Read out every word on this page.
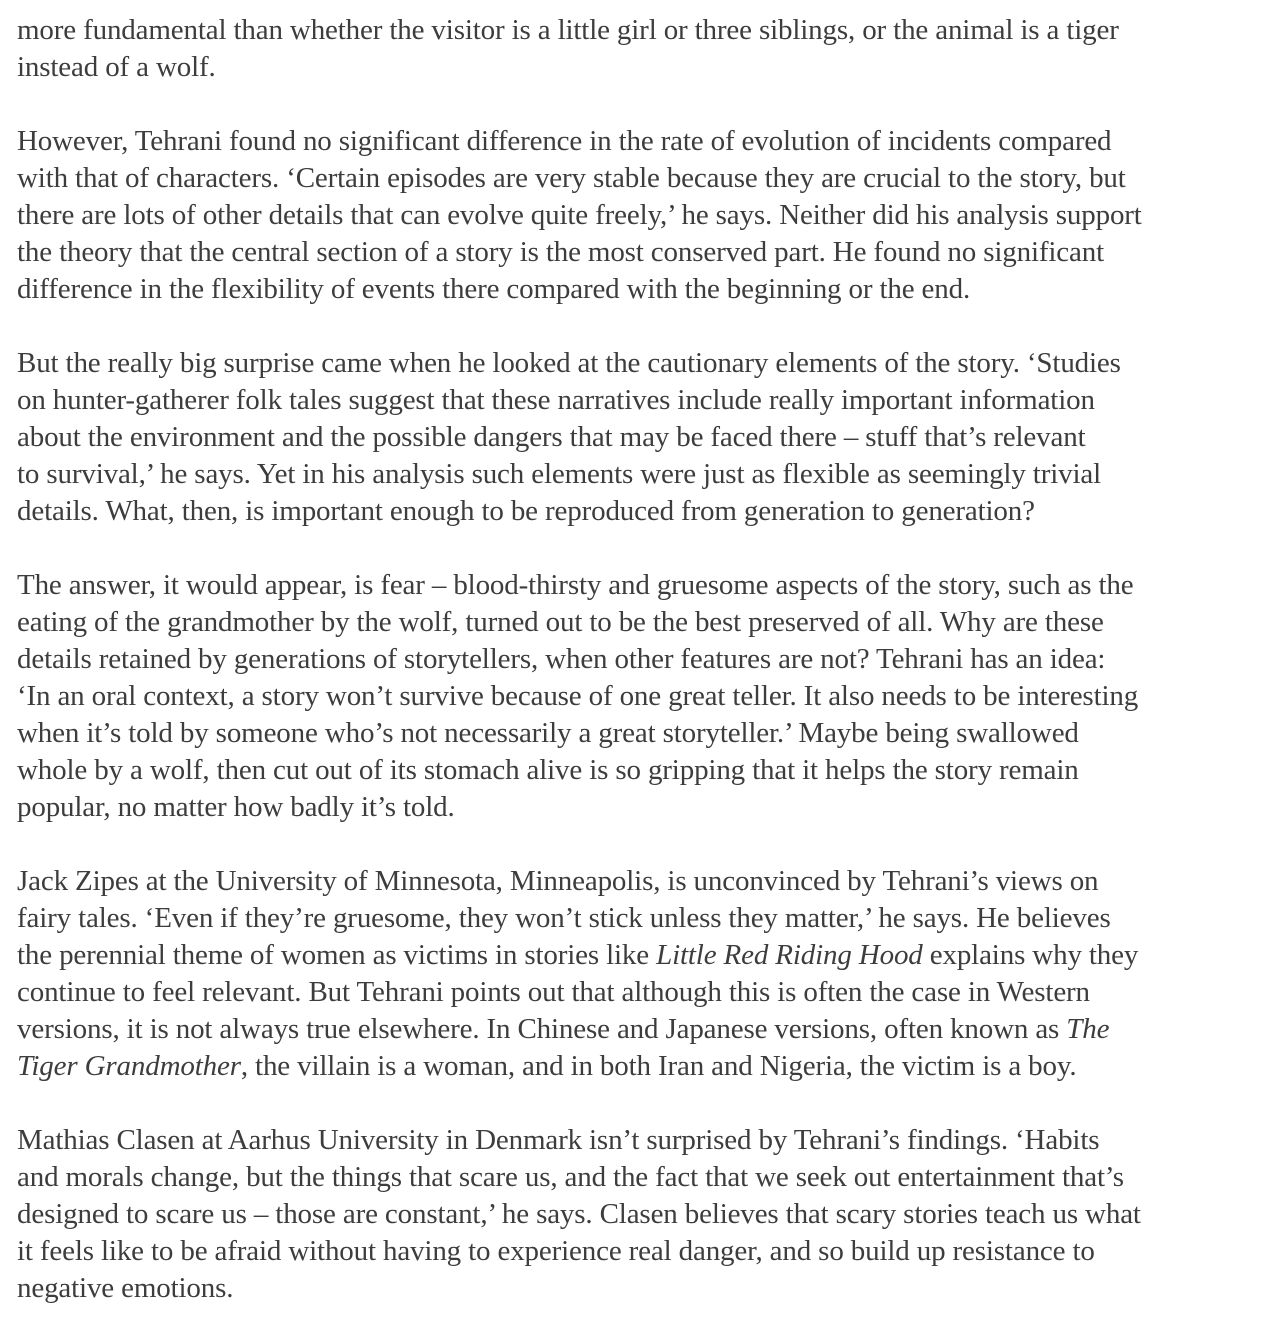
more fundamental than whether the visitor is a little girl or three siblings, or the animal is a tiger
instead of a wolf.

However, Tehrani found no significant difference in the rate of evolution of incidents compared
with that of characters. ‘Certain episodes are very stable because they are crucial to the story, but
there are lots of other details that can evolve quite freely,’ he says. Neither did his analysis support
the theory that the central section of a story is the most conserved part. He found no significant
difference in the flexibility of events there compared with the beginning or the end.

But the really big surprise came when he looked at the cautionary elements of the story. ‘Studies
on hunter-gatherer folk tales suggest that these narratives include really important information
about the environment and the possible dangers that may be faced there – stuff that’s relevant
to survival,’ he says. Yet in his analysis such elements were just as flexible as seemingly trivial
details. What, then, is important enough to be reproduced from generation to generation?

The answer, it would appear, is fear – blood-thirsty and gruesome aspects of the story, such as the
eating of the grandmother by the wolf, turned out to be the best preserved of all. Why are these
details retained by generations of storytellers, when other features are not? Tehrani has an idea:
‘In an oral context, a story won’t survive because of one great teller. It also needs to be interesting
when it’s told by someone who’s not necessarily a great storyteller.’ Maybe being swallowed
whole by a wolf, then cut out of its stomach alive is so gripping that it helps the story remain
popular, no matter how badly it’s told.

Jack Zipes at the University of Minnesota, Minneapolis, is unconvinced by Tehrani’s views on
fairy tales. ‘Even if they’re gruesome, they won’t stick unless they matter,’ he says. He believes
the perennial theme of women as victims in stories like Little Red Riding Hood explains why they
continue to feel relevant. But Tehrani points out that although this is often the case in Western
versions, it is not always true elsewhere. In Chinese and Japanese versions, often known as The
Tiger Grandmother, the villain is a woman, and in both Iran and Nigeria, the victim is a boy.

Mathias Clasen at Aarhus University in Denmark isn’t surprised by Tehrani’s findings. ‘Habits
and morals change, but the things that scare us, and the fact that we seek out entertainment that’s
designed to scare us – those are constant,’ he says. Clasen believes that scary stories teach us what
it feels like to be afraid without having to experience real danger, and so build up resistance to
negative emotions.
